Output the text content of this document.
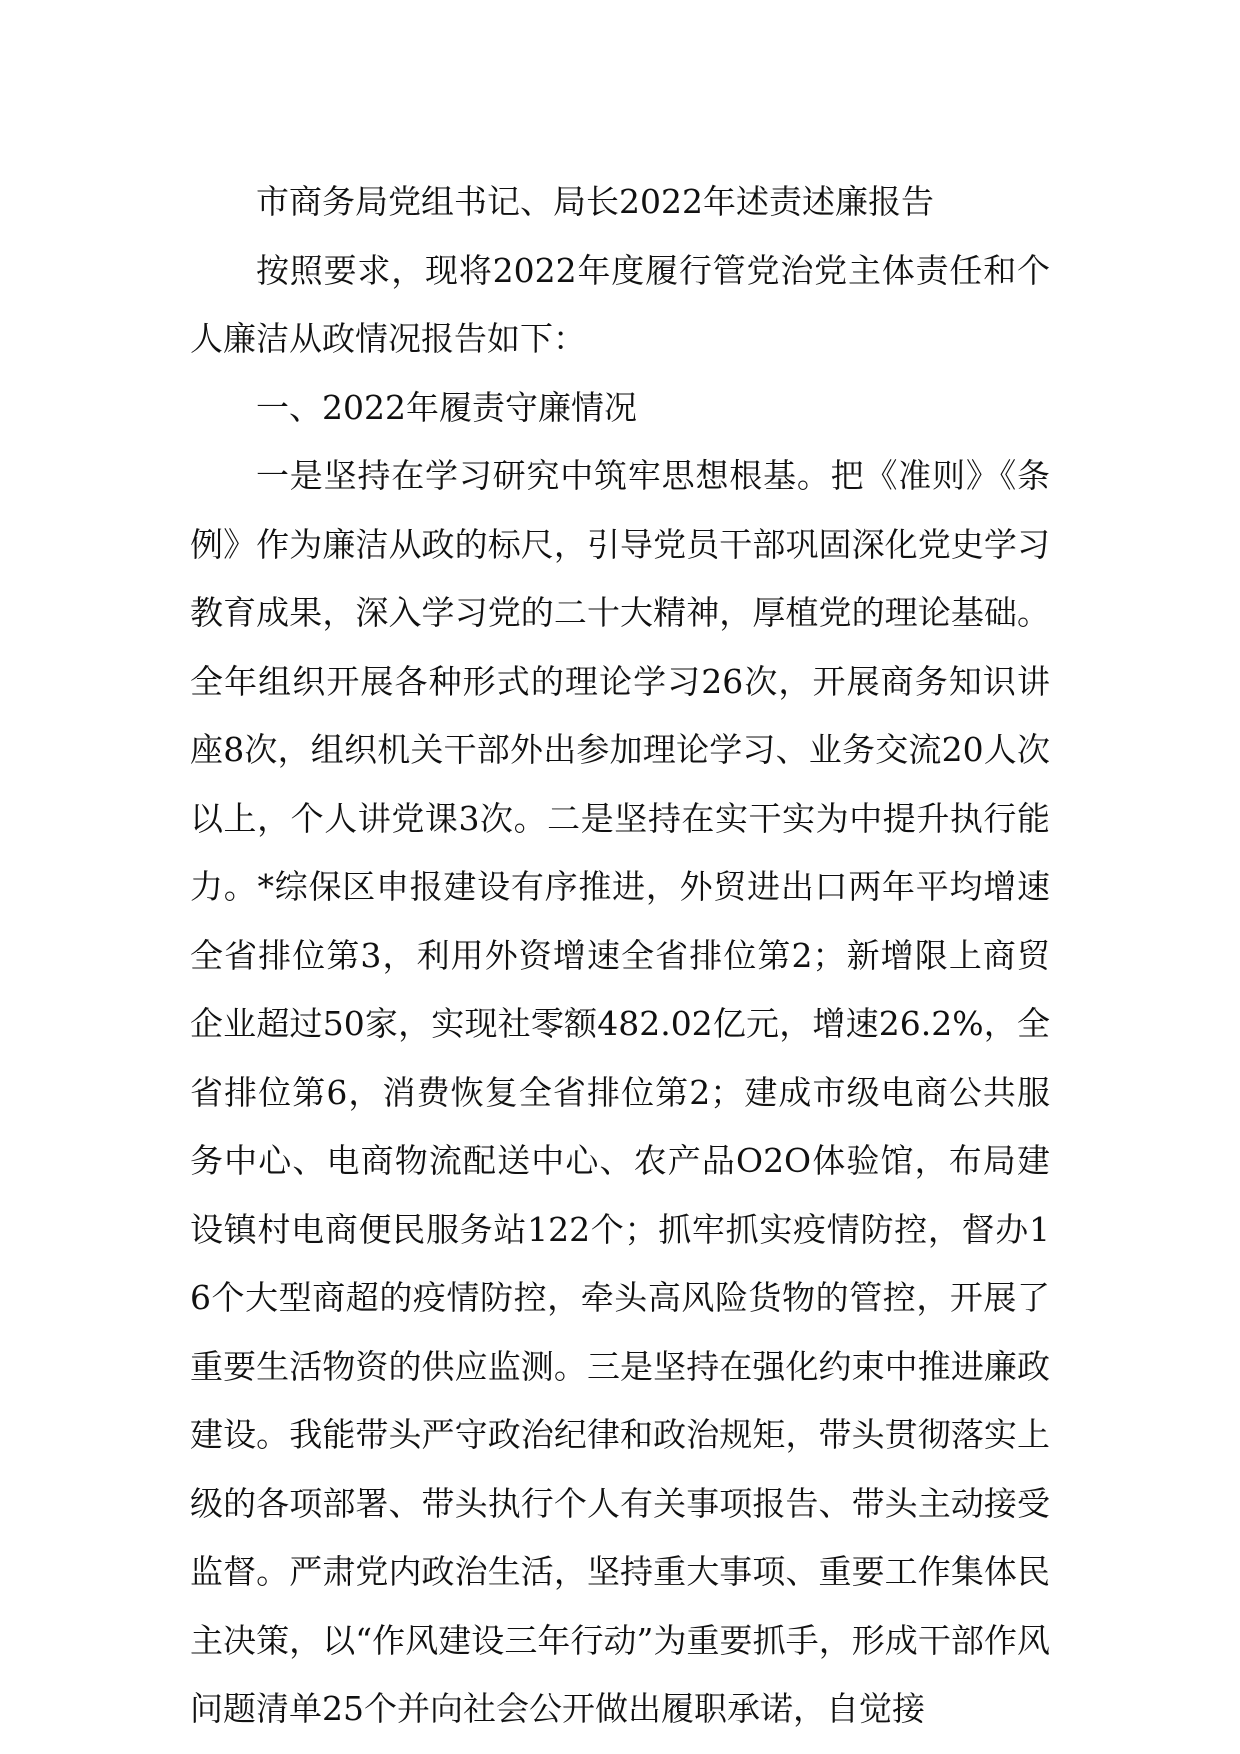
市商务局党组书记、局长2022年述责述廉报告

按照要求，现将2022年度履行管党治党主体责任和个人廉洁从政情况报告如下：

一、2022年履责守廉情况

一是坚持在学习研究中筑牢思想根基。把《准则》《条例》作为廉洁从政的标尺，引导党员干部巩固深化党史学习教育成果，深入学习党的二十大精神，厚植党的理论基础。全年组织开展各种形式的理论学习26次，开展商务知识讲座8次，组织机关干部外出参加理论学习、业务交流20人次以上，个人讲党课3次。二是坚持在实干实为中提升执行能力。*综保区申报建设有序推进，外贸进出口两年平均增速全省排位第3，利用外资增速全省排位第2；新增限上商贸企业超过50家，实现社零额482.02亿元，增速26.2%，全省排位第6，消费恢复全省排位第2；建成市级电商公共服务中心、电商物流配送中心、农产品O2O体验馆，布局建设镇村电商便民服务站122个；抓牢抓实疫情防控，督办16个大型商超的疫情防控，牵头高风险货物的管控，开展了重要生活物资的供应监测。三是坚持在强化约束中推进廉政建设。我能带头严守政治纪律和政治规矩，带头贯彻落实上级的各项部署、带头执行个人有关事项报告、带头主动接受监督。严肃党内政治生活，坚持重大事项、重要工作集体民主决策，以“作风建设三年行动”为重要抓手，形成干部作风问题清单25个并向社会公开做出履职承诺，自觉接
